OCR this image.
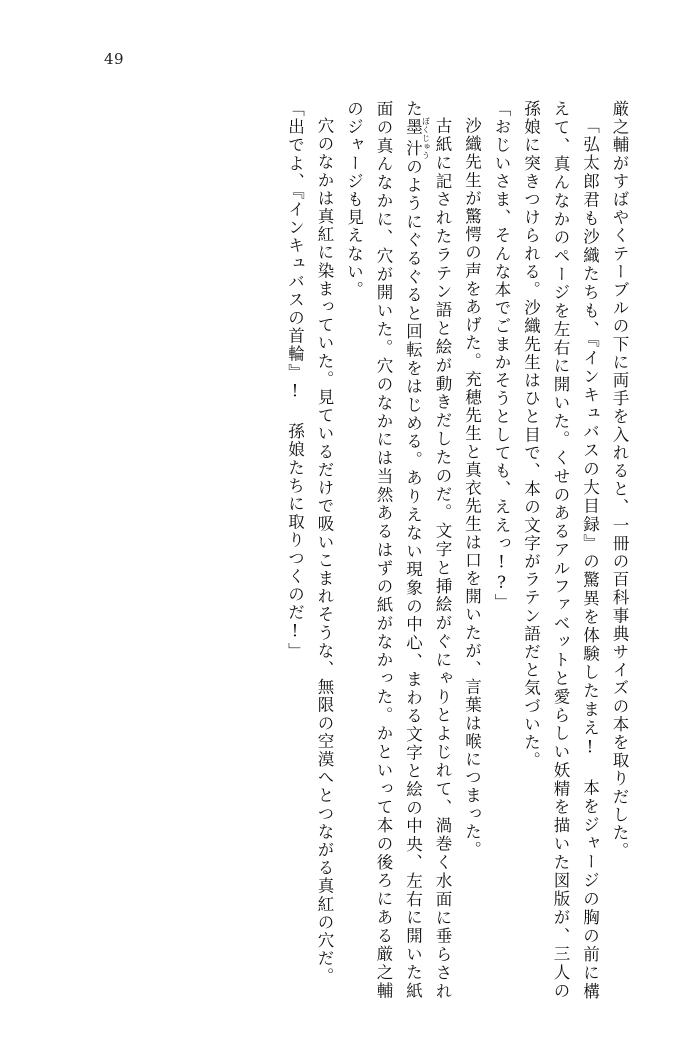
49

厳之輔がすばやくテーブルの下に両手を入れると、一冊の百科事典サイズの本を取りだした。

「弘太郎君も沙織たちも、『インキュバスの大目録』の驚異を体験したまえ! 本をジャージの胸の前に構えて、真んなかのページを左右に開いた。くせのあるアルファベットと愛らしい妖精を描いた図版が、三人の孫娘に突きつけられる。沙織先生はひと目で、本の文字がラテン語だと気づいた。

「おじいさま、そんな本でごまかそうとしても、ええっ!?」

沙織先生が驚愕の声をあげた。充穂先生と真衣先生は口を開いたが、言葉は喉につまった。

古紙に記されたラテン語と絵が動きだしたのだ。文字と挿絵がぐにゃりとよじれて、渦巻く水面に垂らされた墨汁 ぼくじゅうのようにぐるぐると回転をはじめる。ありえない現象の中心、まわる文字と絵の中央、左右に開いた紙面の真んなかに、穴が開いた。穴のなかには当然あるはずの紙がなかった。かといって本の後ろにある厳之輔のジャージも見えない。

穴のなかは真紅に染まっていた。見ているだけで吸いこまれそうな、無限の空漠へとつながる真紅の穴だ。

「出でよ、『インキュバスの首輪』! 孫娘たちに取りつくのだ!」
